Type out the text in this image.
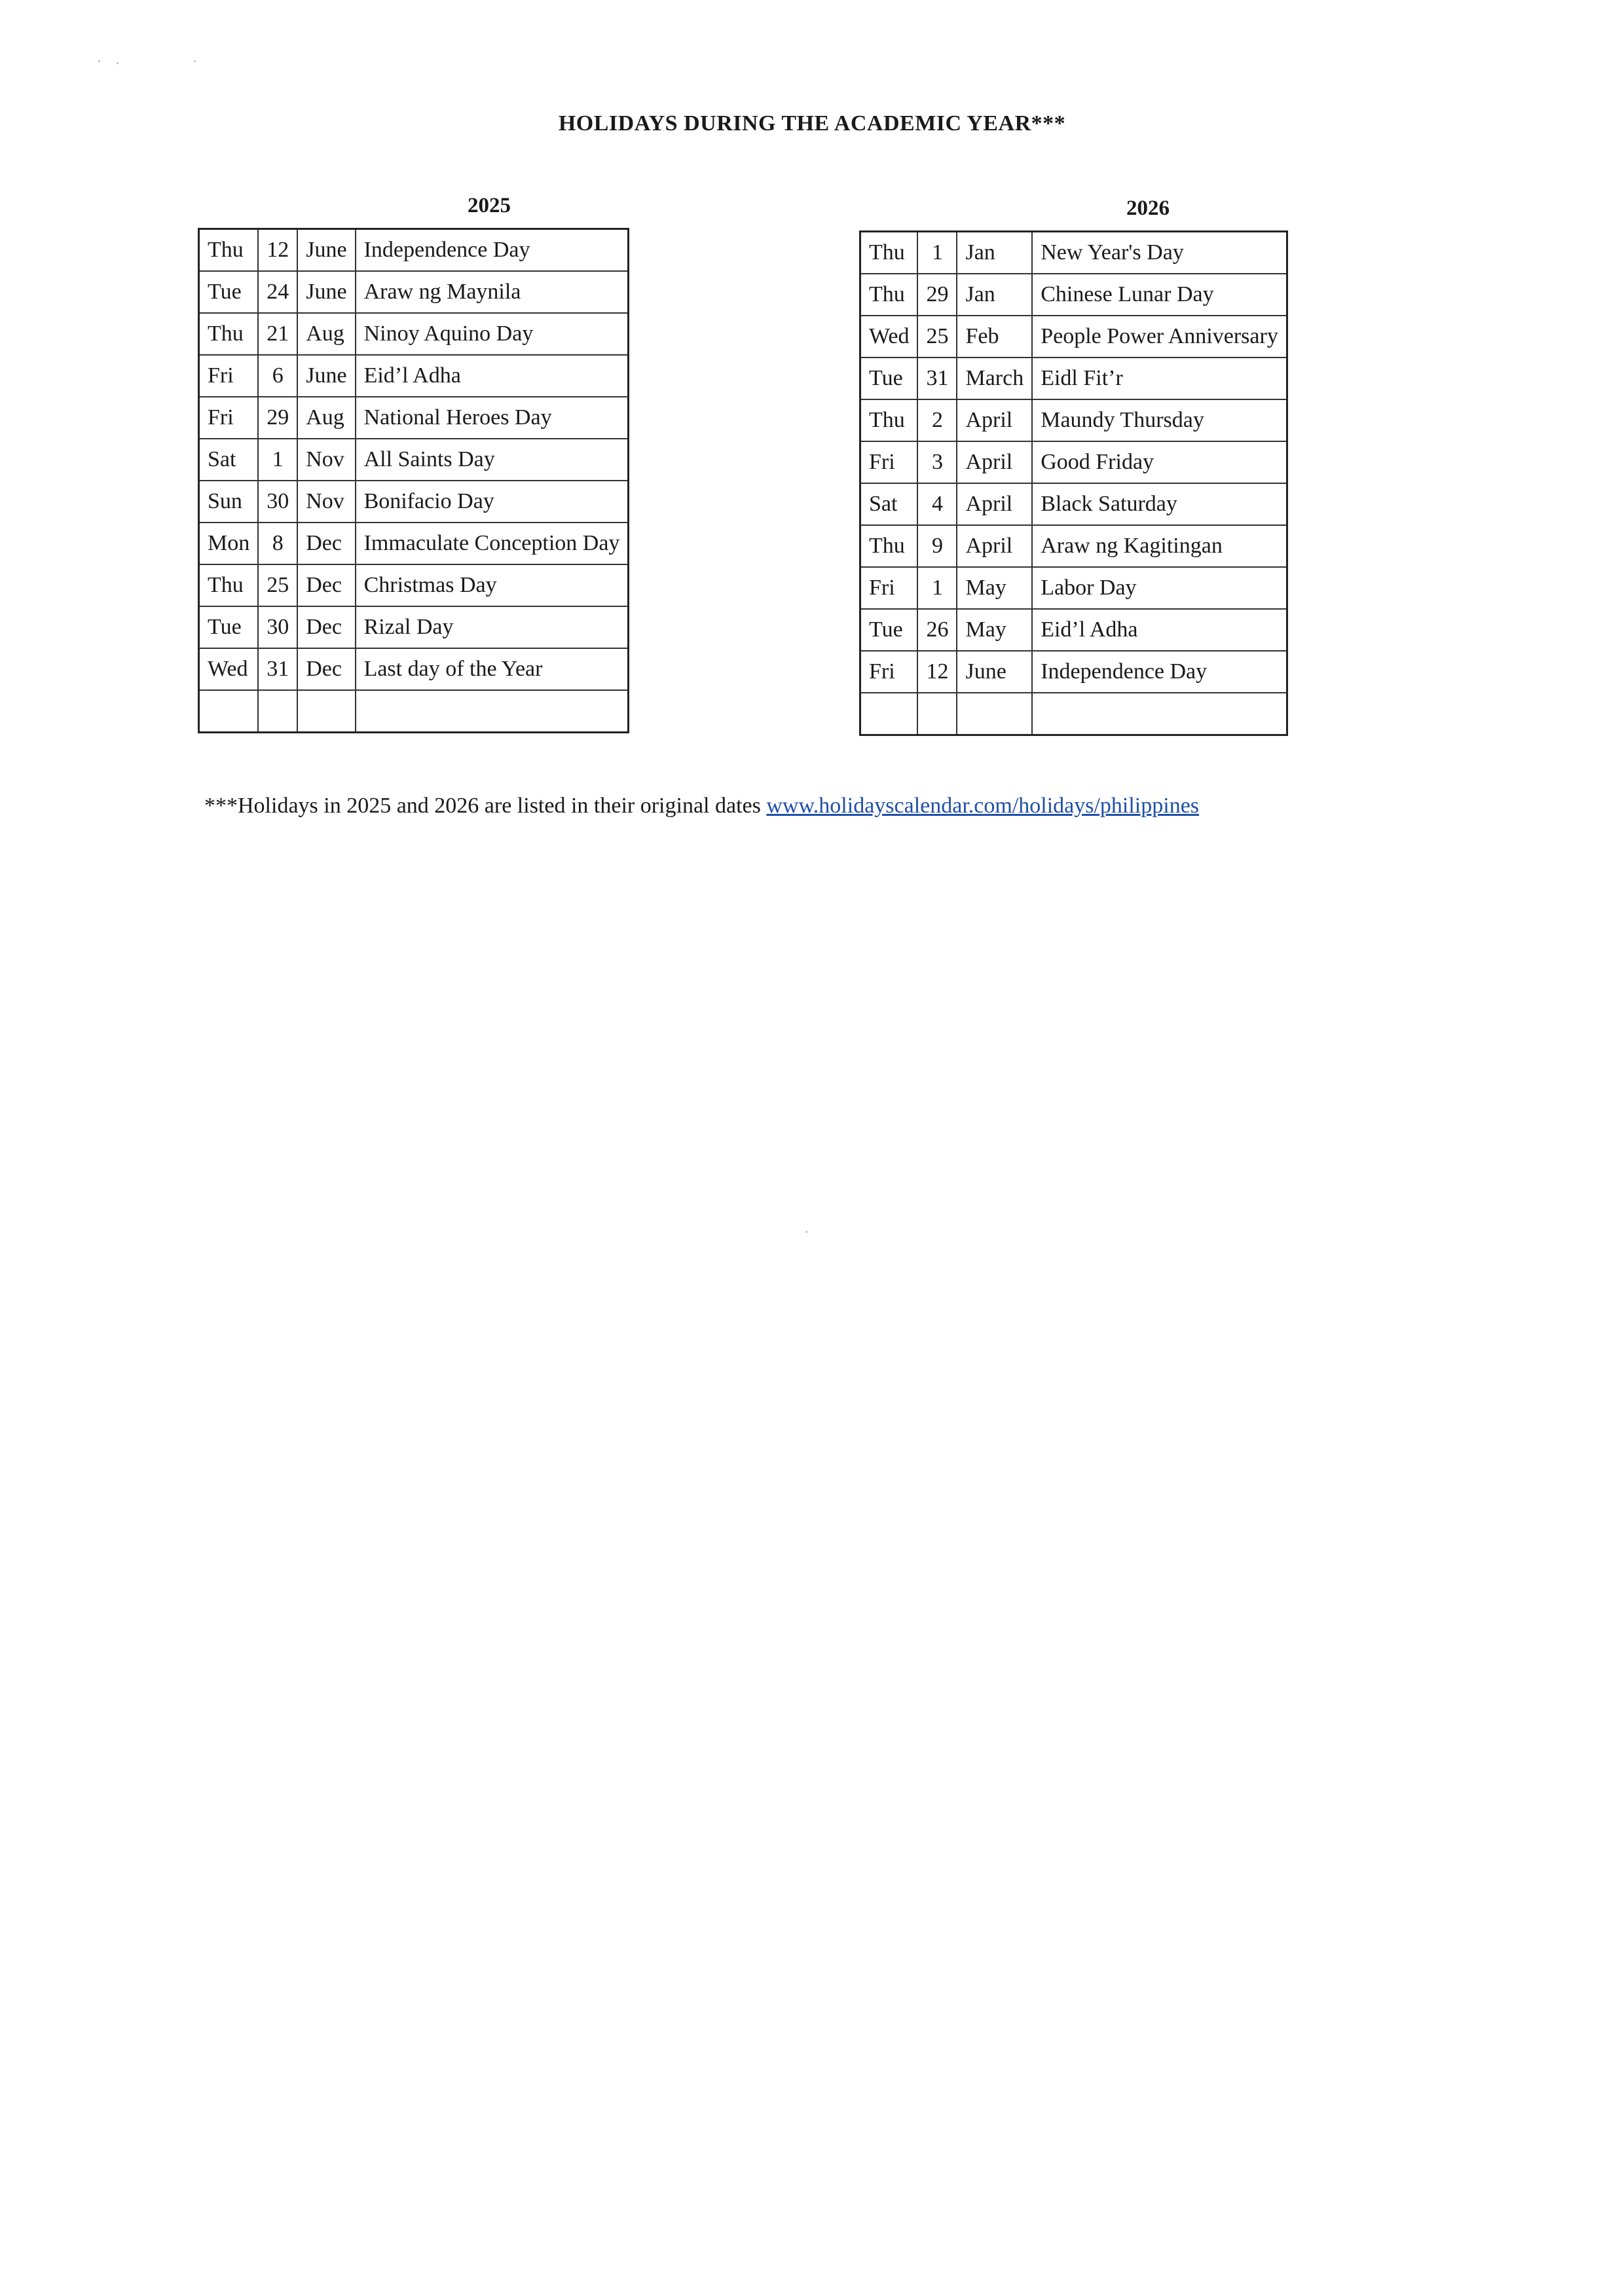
HOLIDAYS DURING THE ACADEMIC YEAR***
2025
Thu	12	June	Independence Day
Tue	24	June	Araw ng Maynila
Thu	21	Aug	Ninoy Aquino Day
Fri	6	June	Eid’l Adha
Fri	29	Aug	National Heroes Day
Sat	1	Nov	All Saints Day
Sun	30	Nov	Bonifacio Day
Mon	8	Dec	Immaculate Conception Day
Thu	25	Dec	Christmas Day
Tue	30	Dec	Rizal Day
Wed	31	Dec	Last day of the Year

2026
Thu	1	Jan	New Year's Day
Thu	29	Jan	Chinese Lunar Day
Wed	25	Feb	People Power Anniversary
Tue	31	March	Eidl Fit’r
Thu	2	April	Maundy Thursday
Fri	3	April	Good Friday
Sat	4	April	Black Saturday
Thu	9	April	Araw ng Kagitingan
Fri	1	May	Labor Day
Tue	26	May	Eid’l Adha
Fri	12	June	Independence Day

***Holidays in 2025 and 2026 are listed in their original dates www.holidayscalendar.com/holidays/philippines
